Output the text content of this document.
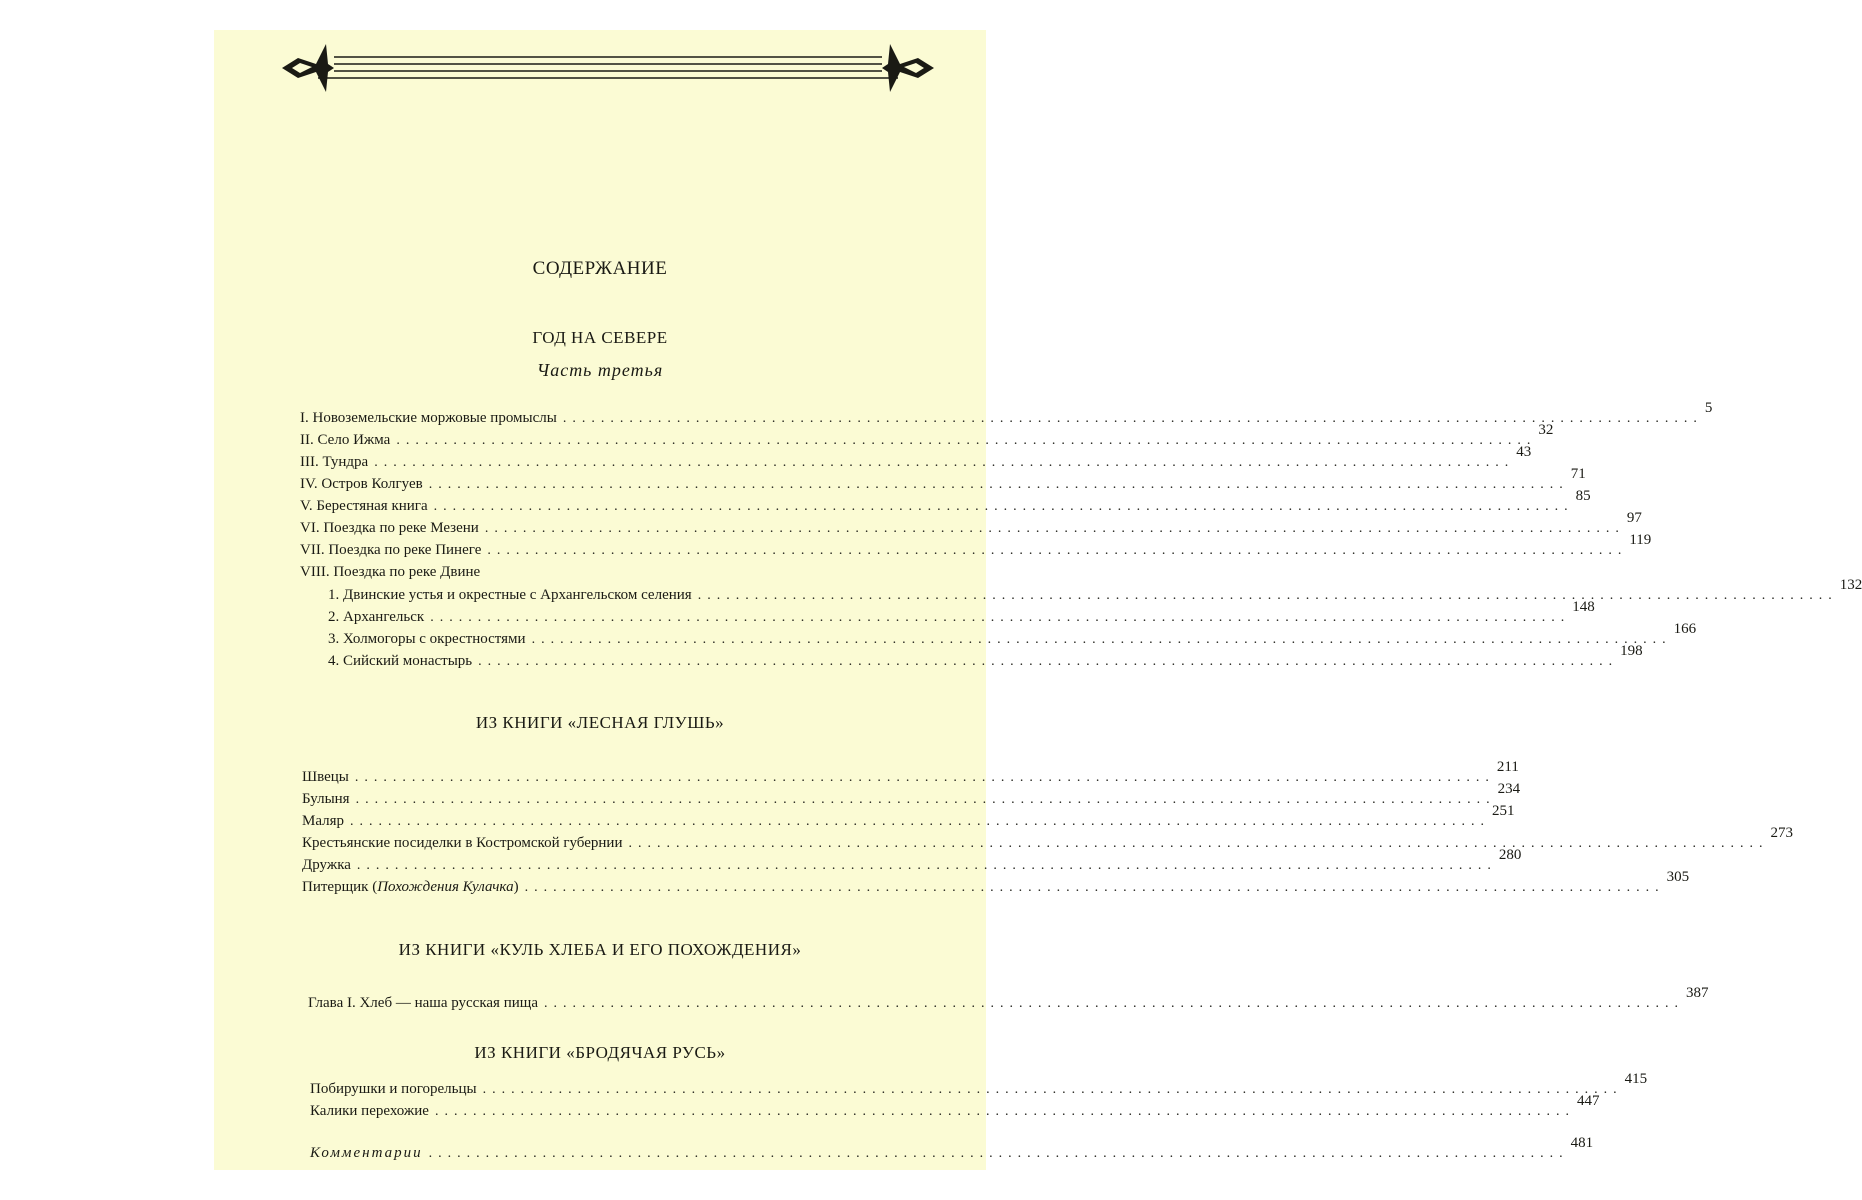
СОДЕРЖАНИЕ
ГОД НА СЕВЕРЕ
Часть третья
I. Новоземельские моржовые промыслы ........................................................................................................................
5
II. Село Ижма ........................................................................................................................
32
III. Тундра ........................................................................................................................
43
IV. Остров Колгуев ........................................................................................................................
71
V. Берестяная книга ........................................................................................................................
85
VI. Поездка по реке Мезени ........................................................................................................................
97
VII. Поездка по реке Пинеге ........................................................................................................................
119
VIII. Поездка по реке Двине
1. Двинские устья и окрестные с Архангельском селения ........................................................................................................................
132
2. Архангельск ........................................................................................................................
148
3. Холмогоры с окрестностями ........................................................................................................................
166
4. Сийский монастырь ........................................................................................................................
198
ИЗ КНИГИ «ЛЕСНАЯ ГЛУШЬ»
Швецы ........................................................................................................................
211
Булыня ........................................................................................................................
234
Маляр ........................................................................................................................
251
Крестьянские посиделки в Костромской губернии ........................................................................................................................
273
Дружка ........................................................................................................................
280
Питерщик (Похождения Кулачка) ........................................................................................................................
305
ИЗ КНИГИ «КУЛЬ ХЛЕБА И ЕГО ПОХОЖДЕНИЯ»
Глава I. Хлеб — наша русская пища ........................................................................................................................
387
ИЗ КНИГИ «БРОДЯЧАЯ РУСЬ»
Побирушки и погорельцы ........................................................................................................................
415
Калики перехожие ........................................................................................................................
447
Комментарии ........................................................................................................................
481
